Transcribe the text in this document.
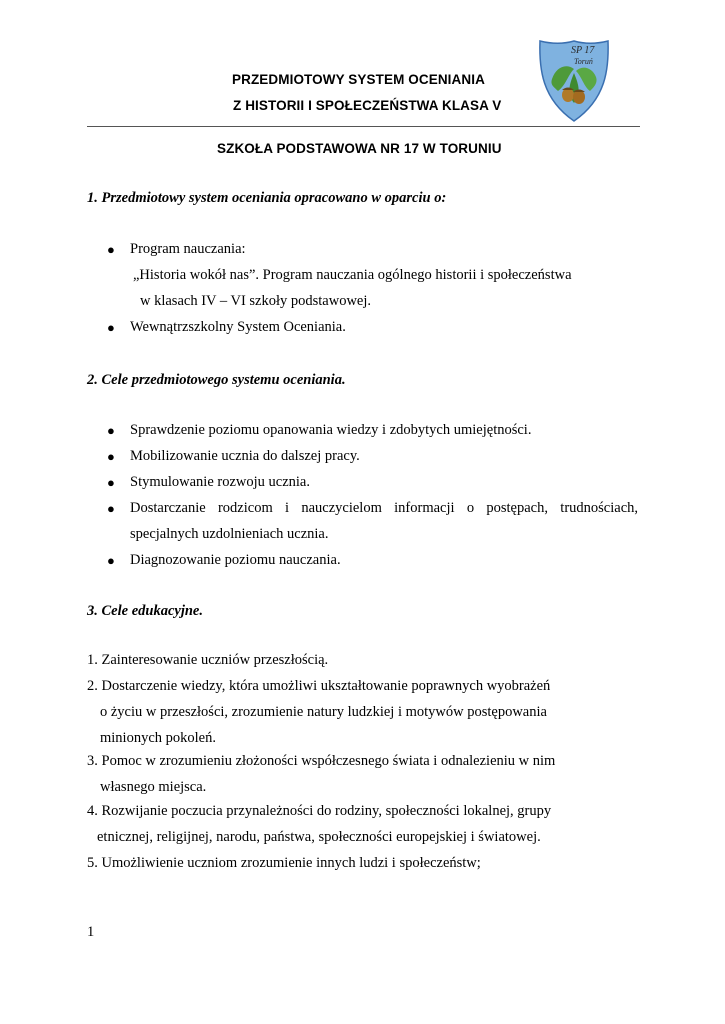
PRZEDMIOTOWY SYSTEM OCENIANIA
Z HISTORII I SPOŁECZEŃSTWA KLASA V
SP 17
Toruń
SZKOŁA PODSTAWOWA NR 17 W TORUNIU
1. Przedmiotowy system oceniania opracowano w oparciu o:
● Program nauczania:
„Historia wokół nas”. Program nauczania ogólnego historii i społeczeństwa
w klasach IV – VI szkoły podstawowej.
● Wewnątrzszkolny System Oceniania.
2. Cele przedmiotowego systemu oceniania.
● Sprawdzenie poziomu opanowania wiedzy i zdobytych umiejętności.
● Mobilizowanie ucznia do dalszej pracy.
● Stymulowanie rozwoju ucznia.
● Dostarczanie rodzicom i nauczycielom informacji o postępach, trudnościach,
specjalnych uzdolnieniach ucznia.
● Diagnozowanie poziomu nauczania.
3. Cele edukacyjne.
1. Zainteresowanie uczniów przeszłością.
2. Dostarczenie wiedzy, która umożliwi ukształtowanie poprawnych wyobrażeń
o życiu w przeszłości, zrozumienie natury ludzkiej i motywów postępowania
minionych pokoleń.
3. Pomoc w zrozumieniu złożoności współczesnego świata i odnalezieniu w nim
własnego miejsca.
4. Rozwijanie poczucia przynależności do rodziny, społeczności lokalnej, grupy
etnicznej, religijnej, narodu, państwa, społeczności europejskiej i światowej.
5. Umożliwienie uczniom zrozumienie innych ludzi i społeczeństw;
1
